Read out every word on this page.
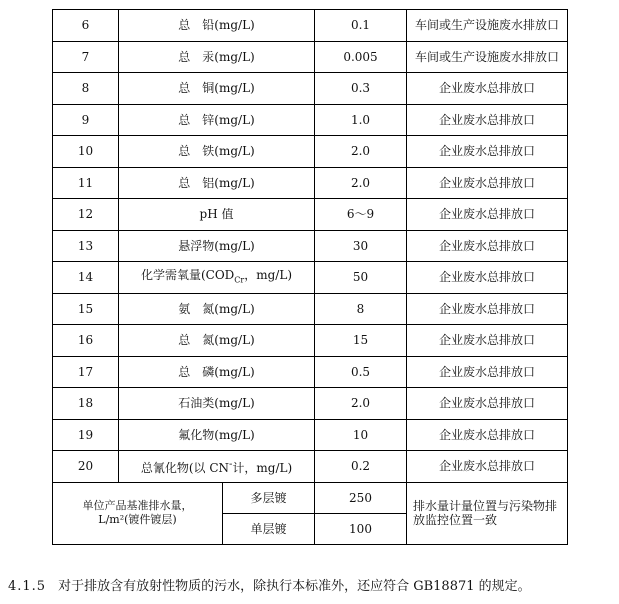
6	总　铅(mg/L)		0.1	车间或生产设施废水排放口
7	总　汞(mg/L)		0.005	车间或生产设施废水排放口
8	总　铜(mg/L)		0.3	企业废水总排放口
9	总　锌(mg/L)		1.0	企业废水总排放口
10	总　铁(mg/L)		2.0	企业废水总排放口
11	总　铝(mg/L)		2.0	企业废水总排放口
12	pH 值		6～9	企业废水总排放口
13	悬浮物(mg/L)		30	企业废水总排放口
14	化学需氧量($COD_{Cr}$，mg/L)		50	企业废水总排放口
15	氨　氮(mg/L)		8	企业废水总排放口
16	总　氮(mg/L)		15	企业废水总排放口
17	总　磷(mg/L)		0.5	企业废水总排放口
18	石油类(mg/L)		2.0	企业废水总排放口
19	氟化物(mg/L)		10	企业废水总排放口
20	总氰化物(以 CN-计，mg/L)		0.2	企业废水总排放口
单位产品基准排水量，
L/m²(镀件镀层)		多层镀	250	排水量计量位置与污染物排放监控位置一致
		单层镀	100	
4.1.5 对于排放含有放射性物质的污水，除执行本标准外，还应符合 GB18871 的规定。
